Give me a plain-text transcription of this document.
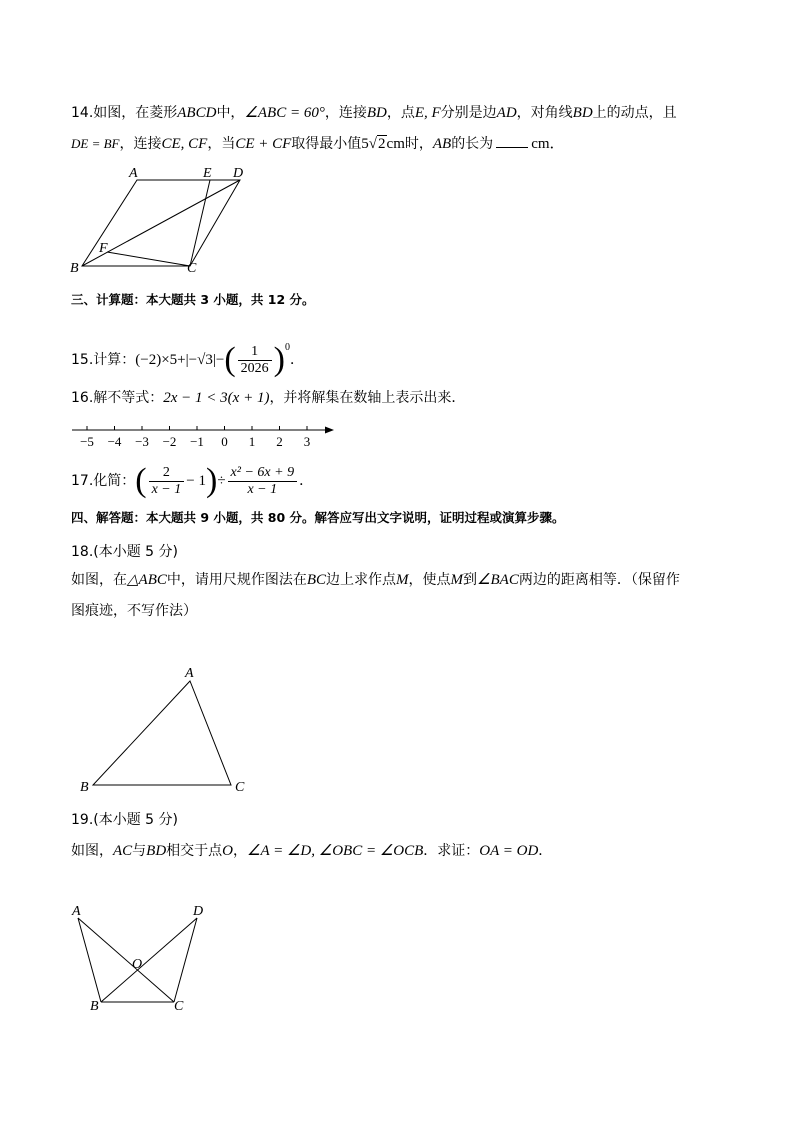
14.如图，在菱形ABCD中，∠ABC = 60°，连接BD，点E, F分别是边AD，对角线BD上的动点，且
DE = BF，连接CE, CF，当CE + CF取得最小值5√2cm时，AB的长为	cm．
A	E D
F
B	C
三、计算题：本大题共 3 小题，共 12 分。
15.计算：$(-2)\times 5+|-√3|-( \frac{1}{2026} )^0$．
16.解不等式：2x − 1 < 3(x + 1)，并将解集在数轴上表示出来．
−5 −4 −3 −2 −1 0 1 2 3
17.化简：( $\frac{2}{x - 1} - 1)\div \frac{\text{x² − 6x + 9}}{x - 1}$ ．
四、解答题：本大题共 9 小题，共 80 分。解答应写出文字说明，证明过程或演算步骤。
18.(本小题 5 分)
如图，在△ABC中，请用尺规作图法在BC边上求作点M，使点M到∠BAC两边的距离相等．（保留作
图痕迹，不写作法）
A
B	C
19.(本小题 5 分)
如图，AC与BD相交于点O，∠A = ∠D, ∠OBC = ∠OCB．求证：OA = OD．
A	D
O
B	C
